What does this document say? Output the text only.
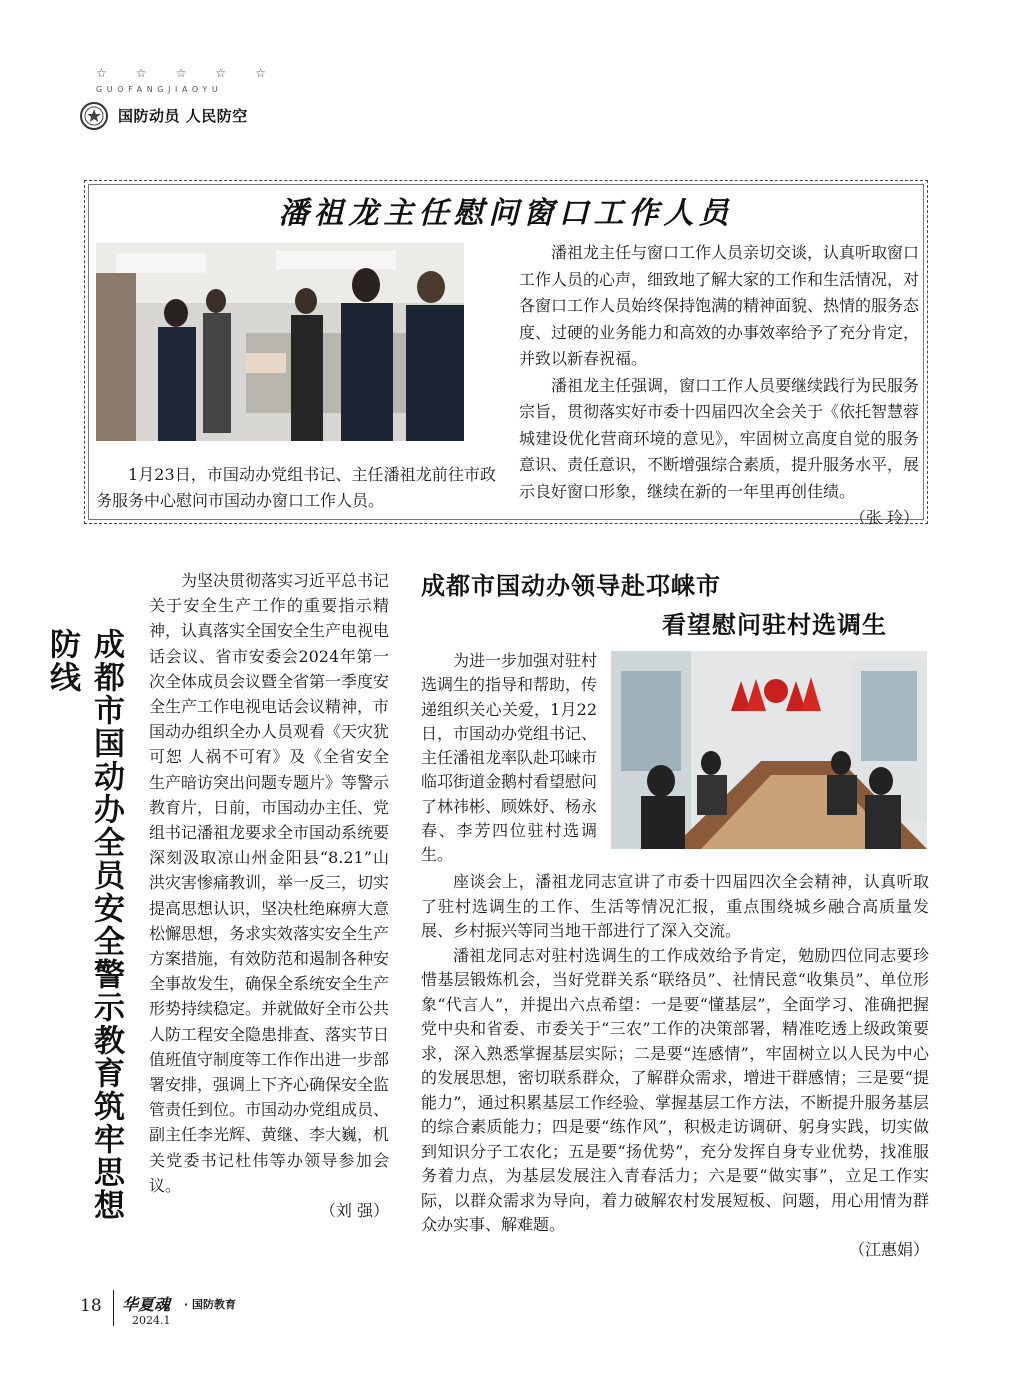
☆ ☆ ☆ ☆ ☆
GUOFANGJIAOYU
国防动员 人民防空
潘祖龙主任慰问窗口工作人员
1月23日，市国动办党组书记、主任潘祖龙前往市政务服务中心慰问市国动办窗口工作人员。

潘祖龙主任与窗口工作人员亲切交谈，认真听取窗口工作人员的心声，细致地了解大家的工作和生活情况，对各窗口工作人员始终保持饱满的精神面貌、热情的服务态度、过硬的业务能力和高效的办事效率给予了充分肯定，并致以新春祝福。

潘祖龙主任强调，窗口工作人员要继续践行为民服务宗旨，贯彻落实好市委十四届四次全会关于《依托智慧蓉城建设优化营商环境的意见》，牢固树立高度自觉的服务意识、责任意识，不断增强综合素质，提升服务水平，展示良好窗口形象，继续在新的一年里再创佳绩。
（张 玲）

成都市国动办全员安全警示教育筑牢思想防线

为坚决贯彻落实习近平总书记关于安全生产工作的重要指示精神，认真落实全国安全生产电视电话会议、省市安委会2024年第一次全体成员会议暨全省第一季度安全生产工作电视电话会议精神，市国动办组织全办人员观看《天灾犹可恕 人祸不可宥》及《全省安全生产暗访突出问题专题片》等警示教育片，日前，市国动办主任、党组书记潘祖龙要求全市国动系统要深刻汲取凉山州金阳县“8.21”山洪灾害惨痛教训，举一反三，切实提高思想认识，坚决杜绝麻痹大意松懈思想，务求实效落实安全生产方案措施，有效防范和遏制各种安全事故发生，确保全系统安全生产形势持续稳定。并就做好全市公共人防工程安全隐患排查、落实节日值班值守制度等工作作出进一步部署安排，强调上下齐心确保安全监管责任到位。市国动办党组成员、副主任李光辉、黄继、李大巍，机关党委书记杜伟等办领导参加会议。
（刘 强）

成都市国动办领导赴邛崃市
看望慰问驻村选调生

为进一步加强对驻村选调生的指导和帮助，传递组织关心关爱，1月22日，市国动办党组书记、主任潘祖龙率队赴邛崃市临邛街道金鹅村看望慰问了林祎彬、顾姝妤、杨永春、李芳四位驻村选调生。

座谈会上，潘祖龙同志宣讲了市委十四届四次全会精神，认真听取了驻村选调生的工作、生活等情况汇报，重点围绕城乡融合高质量发展、乡村振兴等同当地干部进行了深入交流。

潘祖龙同志对驻村选调生的工作成效给予肯定，勉励四位同志要珍惜基层锻炼机会，当好党群关系“联络员”、社情民意“收集员”、单位形象“代言人”，并提出六点希望：一是要“懂基层”，全面学习、准确把握党中央和省委、市委关于“三农”工作的决策部署，精准吃透上级政策要求，深入熟悉掌握基层实际；二是要“连感情”，牢固树立以人民为中心的发展思想，密切联系群众，了解群众需求，增进干群感情；三是要“提能力”，通过积累基层工作经验、掌握基层工作方法，不断提升服务基层的综合素质能力；四是要“练作风”，积极走访调研、躬身实践，切实做到知识分子工农化；五是要“扬优势”，充分发挥自身专业优势，找准服务着力点，为基层发展注入青春活力；六是要“做实事”，立足工作实际，以群众需求为导向，着力破解农村发展短板、问题，用心用情为群众办实事、解难题。
（江惠娟）

18 华夏魂 · 国防教育
2024.1
